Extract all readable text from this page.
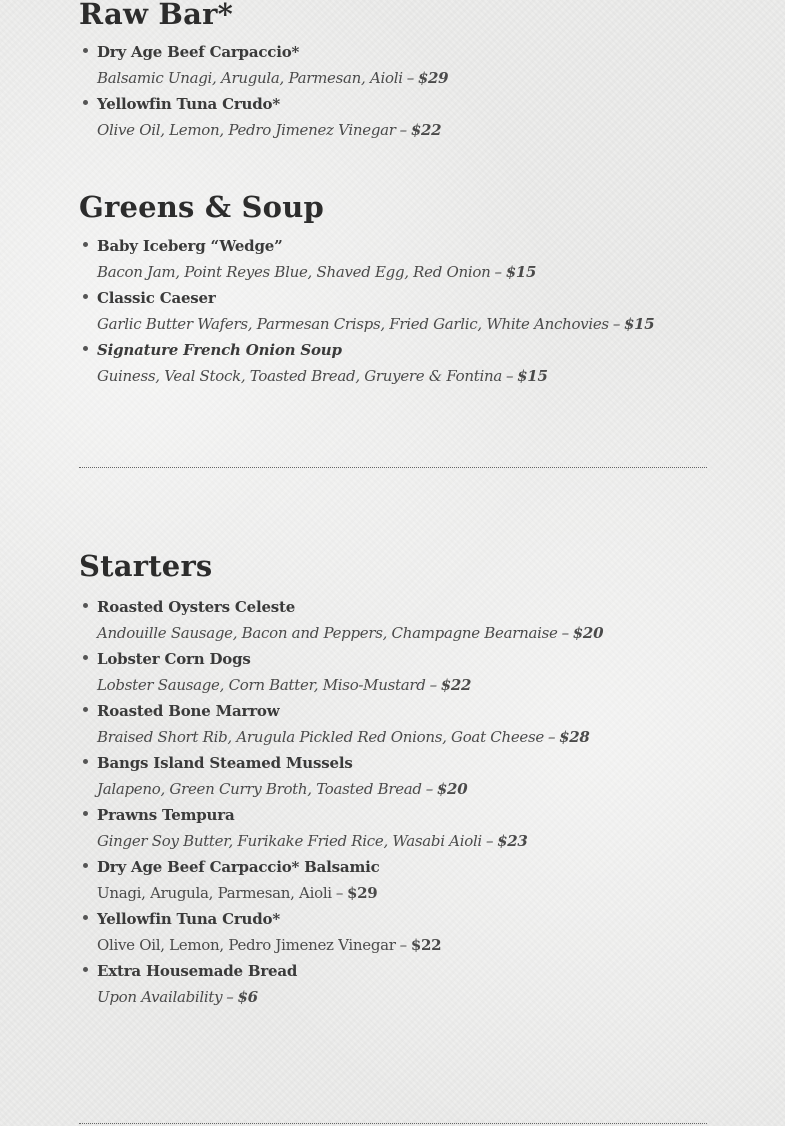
Raw Bar*
Dry Age Beef Carpaccio*
Balsamic Unagi, Arugula, Parmesan, Aioli – $29
Yellowfin Tuna Crudo*
Olive Oil, Lemon, Pedro Jimenez Vinegar – $22
Greens & Soup
Baby Iceberg “Wedge”
Bacon Jam, Point Reyes Blue, Shaved Egg, Red Onion – $15
Classic Caeser
Garlic Butter Wafers, Parmesan Crisps, Fried Garlic, White Anchovies – $15
Signature French Onion Soup
Guiness, Veal Stock, Toasted Bread, Gruyere & Fontina – $15
Starters
Roasted Oysters Celeste
Andouille Sausage, Bacon and Peppers, Champagne Bearnaise – $20
Lobster Corn Dogs
Lobster Sausage, Corn Batter, Miso-Mustard – $22
Roasted Bone Marrow
Braised Short Rib, Arugula Pickled Red Onions, Goat Cheese – $28
Bangs Island Steamed Mussels
Jalapeno, Green Curry Broth, Toasted Bread – $20
Prawns Tempura
Ginger Soy Butter, Furikake Fried Rice, Wasabi Aioli – $23
Dry Age Beef Carpaccio* Balsamic
Unagi, Arugula, Parmesan, Aioli – $29
Yellowfin Tuna Crudo*
Olive Oil, Lemon, Pedro Jimenez Vinegar – $22
Extra Housemade Bread
Upon Availability – $6
